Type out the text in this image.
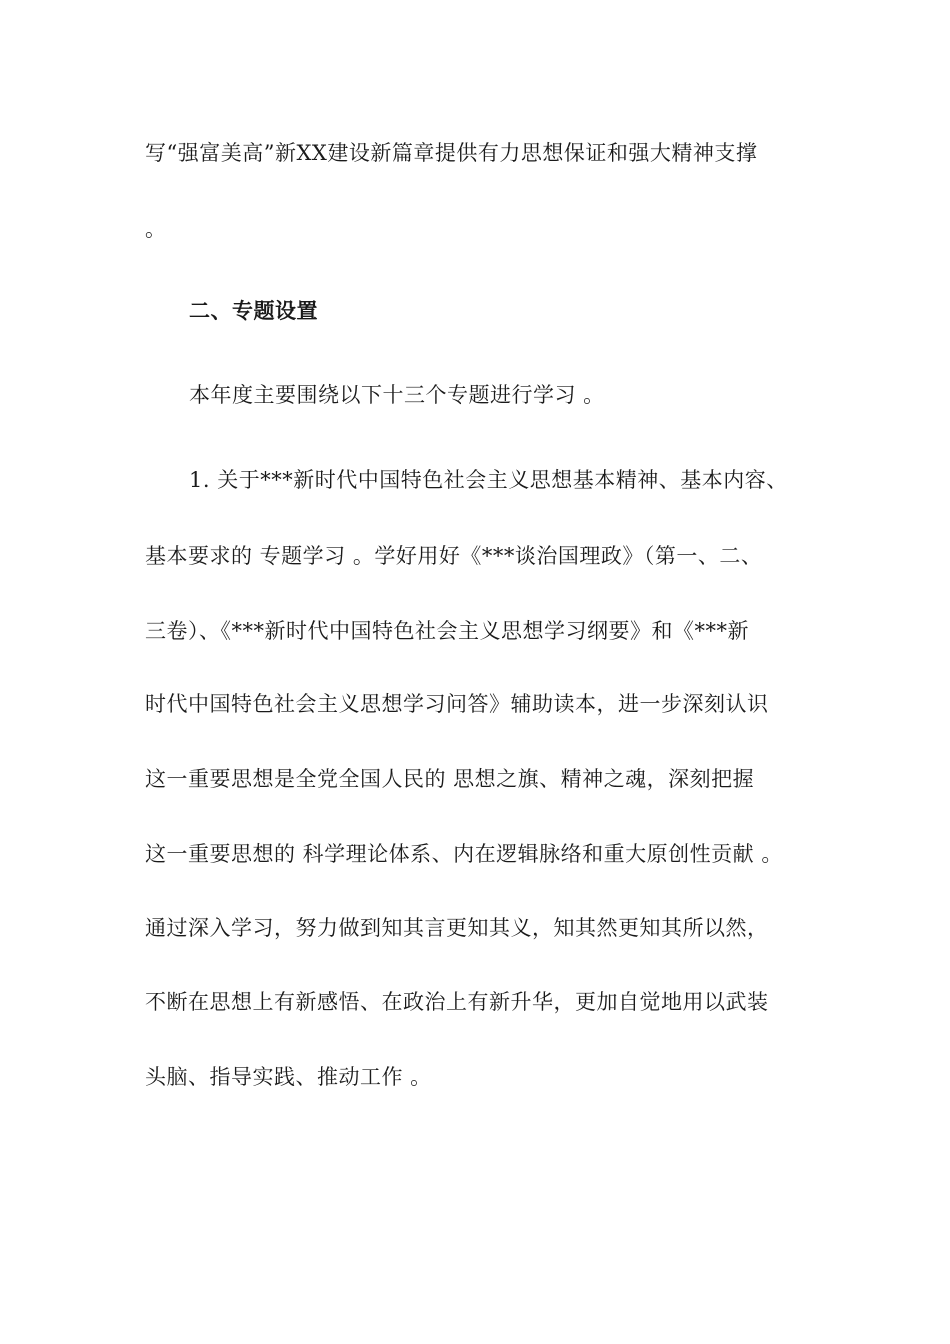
写“强富美高”新XX建设新篇章提供有力思想保证和强大精神支撑
。
二、专题设置
本年度主要围绕以下十三个专题进行学习 。
1. 关于***新时代中国特色社会主义思想基本精神、基本内容、
基本要求的 专题学习 。学好用好《***谈治国理政》（第一、二、
三卷）、《***新时代中国特色社会主义思想学习纲要》和《***新
时代中国特色社会主义思想学习问答》辅助读本，进一步深刻认识
这一重要思想是全党全国人民的 思想之旗、精神之魂，深刻把握
这一重要思想的 科学理论体系、内在逻辑脉络和重大原创性贡献 。
通过深入学习，努力做到知其言更知其义，知其然更知其所以然，
不断在思想上有新感悟、在政治上有新升华，更加自觉地用以武装
头脑、指导实践、推动工作 。
